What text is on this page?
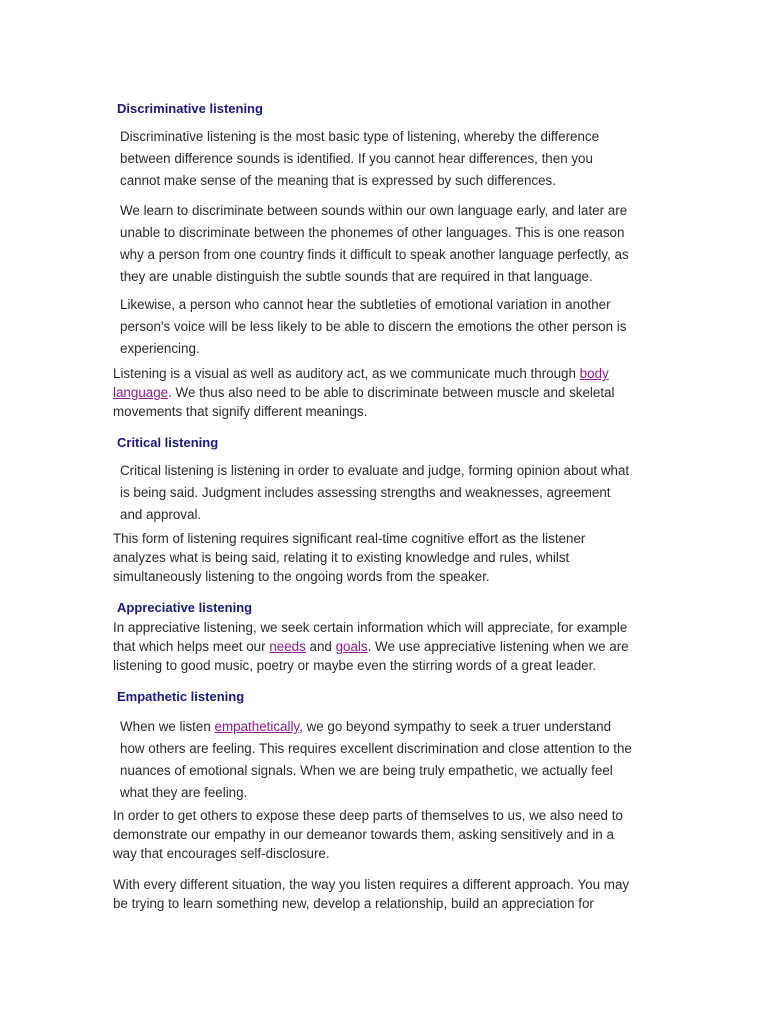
Discriminative listening
Discriminative listening is the most basic type of listening, whereby the difference
between difference sounds is identified. If you cannot hear differences, then you
cannot make sense of the meaning that is expressed by such differences.
We learn to discriminate between sounds within our own language early, and later are
unable to discriminate between the phonemes of other languages. This is one reason
why a person from one country finds it difficult to speak another language perfectly, as
they are unable distinguish the subtle sounds that are required in that language.
Likewise, a person who cannot hear the subtleties of emotional variation in another
person's voice will be less likely to be able to discern the emotions the other person is
experiencing.
Listening is a visual as well as auditory act, as we communicate much through body
language. We thus also need to be able to discriminate between muscle and skeletal
movements that signify different meanings.
Critical listening
Critical listening is listening in order to evaluate and judge, forming opinion about what
is being said. Judgment includes assessing strengths and weaknesses, agreement
and approval.
This form of listening requires significant real-time cognitive effort as the listener
analyzes what is being said, relating it to existing knowledge and rules, whilst
simultaneously listening to the ongoing words from the speaker.
Appreciative listening
In appreciative listening, we seek certain information which will appreciate, for example
that which helps meet our needs and goals. We use appreciative listening when we are
listening to good music, poetry or maybe even the stirring words of a great leader.
Empathetic listening
When we listen empathetically, we go beyond sympathy to seek a truer understand
how others are feeling. This requires excellent discrimination and close attention to the
nuances of emotional signals. When we are being truly empathetic, we actually feel
what they are feeling.
In order to get others to expose these deep parts of themselves to us, we also need to
demonstrate our empathy in our demeanor towards them, asking sensitively and in a
way that encourages self-disclosure.
With every different situation, the way you listen requires a different approach. You may
be trying to learn something new, develop a relationship, build an appreciation for
